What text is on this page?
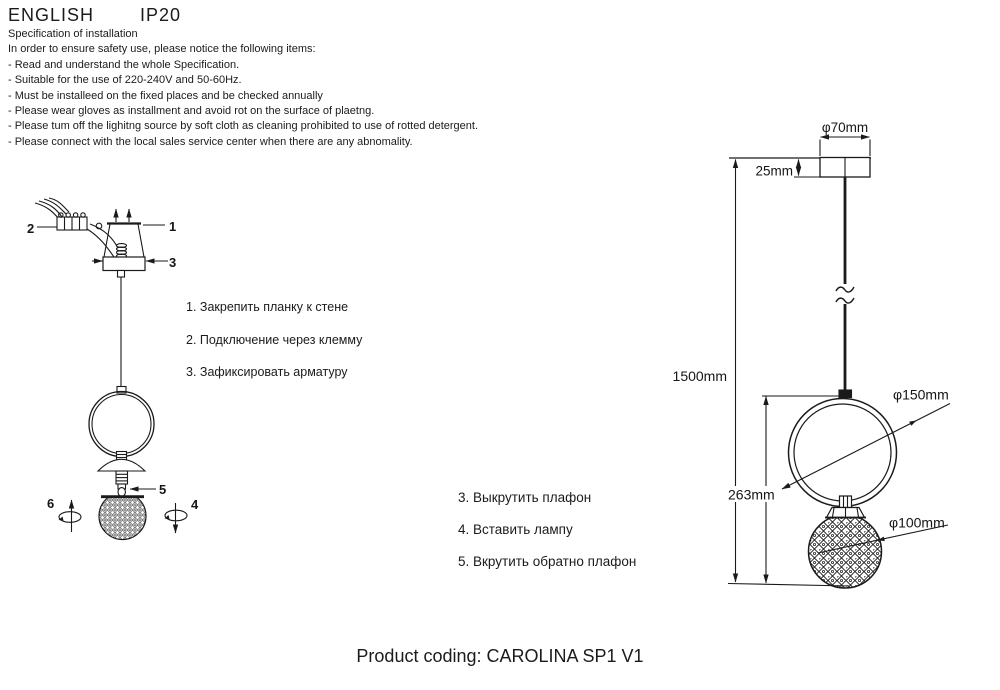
ENGLISH	IP20
Specification of installation
In order to ensure safety use, please notice the following items:
- Read and understand the whole Specification.
- Suitable for the use of 220-240V and 50-60Hz.
- Must be installeed on the fixed places and be checked annually
- Please wear gloves as installment and avoid rot on the surface of plaetng.
- Please tum off the lighitng source by soft cloth as cleaning prohibited to use of rotted detergent.
- Please connect with the local sales service center when there are any abnomality.
1. Закрепить планку к стене
2. Подключение через клемму
3. Зафиксировать арматуру
3. Выкрутить плафон
4. Вставить лампу
5. Вкрутить обратно плафон
Product coding: CAROLINA SP1 V1
2	1
3
5
6	4
φ70mm
25mm
1500mm
263mm
φ150mm
φ100mm
